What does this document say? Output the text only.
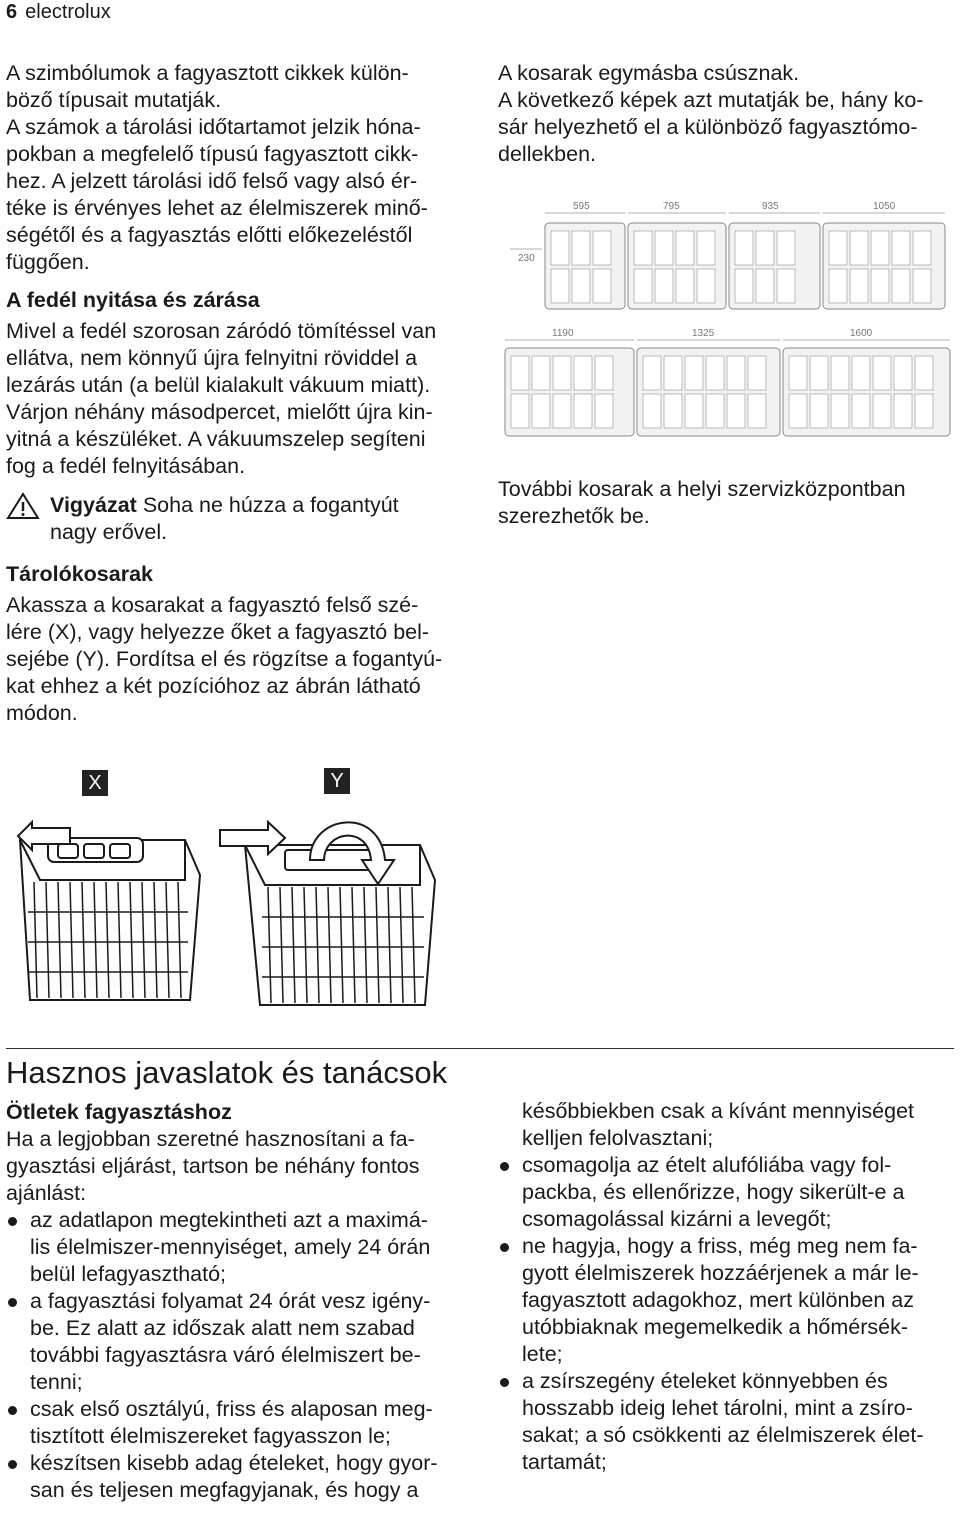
6 electrolux

A szimbólumok a fagyasztott cikkek külön-

böző típusait mutatják.

A számok a tárolási időtartamot jelzik hóna-

pokban a megfelelő típusú fagyasztott cikk-

hez. A jelzett tárolási idő felső vagy alsó ér-

téke is érvényes lehet az élelmiszerek minő-

ségétől és a fagyasztás előtti előkezeléstől

függően.

A fedél nyitása és zárása

Mivel a fedél szorosan záródó tömítéssel van

ellátva, nem könnyű újra felnyitni röviddel a

lezárás után (a belül kialakult vákuum miatt).

Várjon néhány másodpercet, mielőtt újra kin-

yitná a készüléket. A vákuumszelep segíteni

fog a fedél felnyitásában.

Vigyázat Soha ne húzza a fogantyút

nagy erővel.

Tárolókosarak

Akassza a kosarakat a fagyasztó felső szé-

lére (X), vagy helyezze őket a fagyasztó bel-

sejébe (Y). Fordítsa el és rögzítse a fogantyú-

kat ehhez a két pozícióhoz az ábrán látható

módon.

A kosarak egymásba csúsznak.

A következő képek azt mutatják be, hány ko-

sár helyezhető el a különböző fagyasztómo-

dellekben.

230
595	795	935	1050
1190	1325	1600

További kosarak a helyi szervizközpontban

szerezhetők be.

X	Y
Hasznos javaslatok és tanácsok
Ötletek fagyasztáshoz

Ha a legjobban szeretné hasznosítani a fa-

gyasztási eljárást, tartson be néhány fontos

ajánlást:

az adatlapon megtekintheti azt a maximá-

lis élelmiszer-mennyiséget, amely 24 órán

belül lefagyasztható;

a fagyasztási folyamat 24 órát vesz igény-

be. Ez alatt az időszak alatt nem szabad

további fagyasztásra váró élelmiszert be-

tenni;

csak első osztályú, friss és alaposan meg-

tisztított élelmiszereket fagyasszon le;

készítsen kisebb adag ételeket, hogy gyor-

san és teljesen megfagyjanak, és hogy a

későbbiekben csak a kívánt mennyiséget

kelljen felolvasztani;

csomagolja az ételt alufóliába vagy fol-

packba, és ellenőrizze, hogy sikerült-e a

csomagolással kizárni a levegőt;

ne hagyja, hogy a friss, még meg nem fa-

gyott élelmiszerek hozzáérjenek a már le-

fagyasztott adagokhoz, mert különben az

utóbbiaknak megemelkedik a hőmérsék-

lete;

a zsírszegény ételeket könnyebben és

hosszabb ideig lehet tárolni, mint a zsíro-

sakat; a só csökkenti az élelmiszerek élet-

tartamát;
